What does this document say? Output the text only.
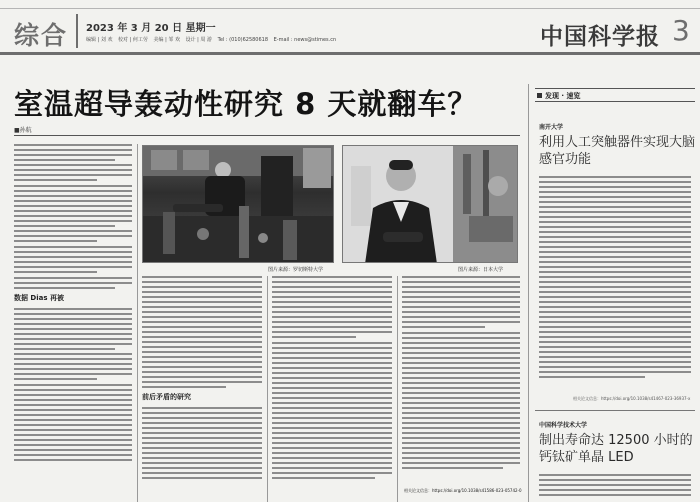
综合 2023 年 3 月 20 日 星期一
编辑 | 刘 欢 校对 | 何工劳 美编 | 邹 欢 设计 | 周 游 Tel : (010)62580618 E-mail : news@stimes.cn	中国科学报 3
室温超导轰动性研究 8 天就翻车？
■孙航
数据 Dias 再被
图片来源：罗切斯特大学	图片来源：日本大学
前后矛盾的研究
相关论文信息：https://doi.org/10.1038/s41586-023-05742-0
发现 · 速览
南开大学
利用人工突触器件实现大脑感官功能
相关论文信息：https://doi.org/10.1038/s41467-023-36937-x
中国科学技术大学
制出寿命达 12500 小时的钙钛矿单晶 LED
